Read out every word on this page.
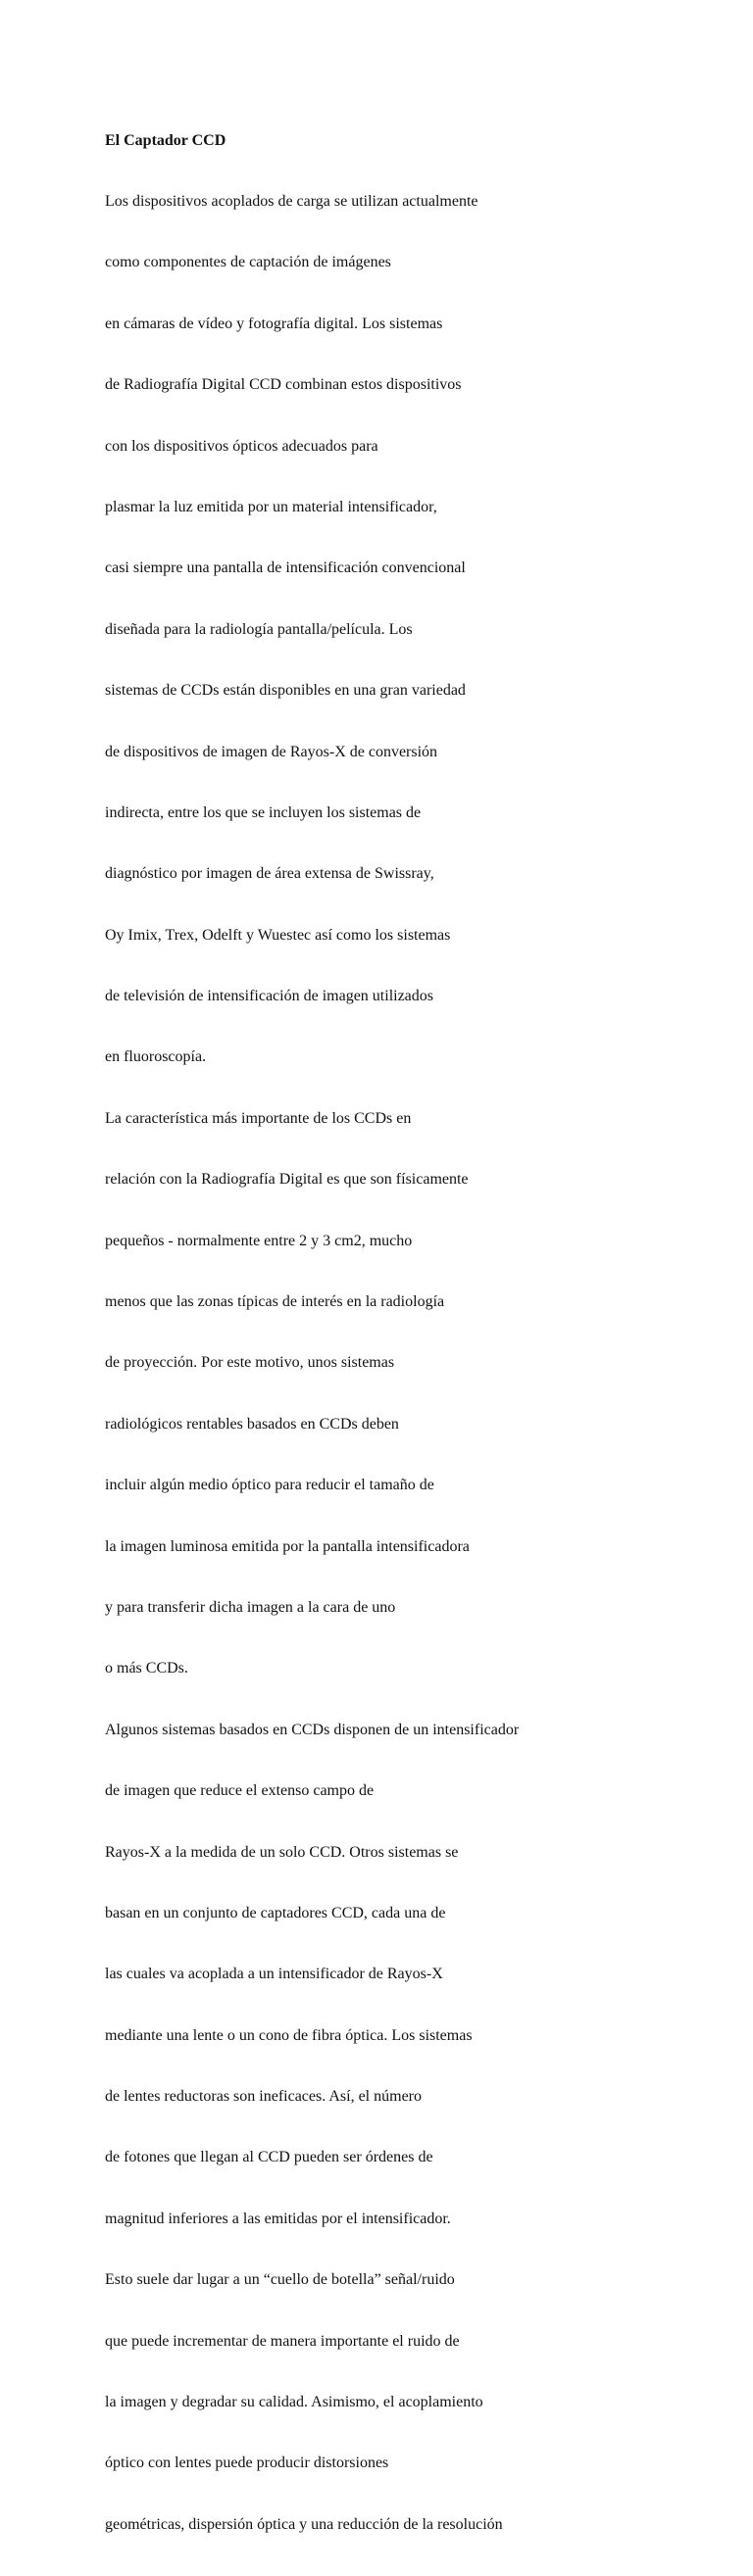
El Captador CCD

Los dispositivos acoplados de carga se utilizan actualmente

como componentes de captación de imágenes

en cámaras de vídeo y fotografía digital. Los sistemas

de Radiografía Digital CCD combinan estos dispositivos

con los dispositivos ópticos adecuados para

plasmar la luz emitida por un material intensificador,

casi siempre una pantalla de intensificación convencional

diseñada para la radiología pantalla/película. Los

sistemas de CCDs están disponibles en una gran variedad

de dispositivos de imagen de Rayos-X de conversión

indirecta, entre los que se incluyen los sistemas de

diagnóstico por imagen de área extensa de Swissray,

Oy Imix, Trex, Odelft y Wuestec así como los sistemas

de televisión de intensificación de imagen utilizados

en fluoroscopía.

La característica más importante de los CCDs en

relación con la Radiografía Digital es que son físicamente

pequeños - normalmente entre 2 y 3 cm2, mucho

menos que las zonas típicas de interés en la radiología

de proyección. Por este motivo, unos sistemas

radiológicos rentables basados en CCDs deben

incluir algún medio óptico para reducir el tamaño de

la imagen luminosa emitida por la pantalla intensificadora

y para transferir dicha imagen a la cara de uno

o más CCDs.

Algunos sistemas basados en CCDs disponen de un intensificador

de imagen que reduce el extenso campo de

Rayos-X a la medida de un solo CCD. Otros sistemas se

basan en un conjunto de captadores CCD, cada una de

las cuales va acoplada a un intensificador de Rayos-X

mediante una lente o un cono de fibra óptica. Los sistemas

de lentes reductoras son ineficaces. Así, el número

de fotones que llegan al CCD pueden ser órdenes de

magnitud inferiores a las emitidas por el intensificador.

Esto suele dar lugar a un “cuello de botella” señal/ruido

que puede incrementar de manera importante el ruido de

la imagen y degradar su calidad. Asimismo, el acoplamiento

óptico con lentes puede producir distorsiones

geométricas, dispersión óptica y una reducción de la resolución
